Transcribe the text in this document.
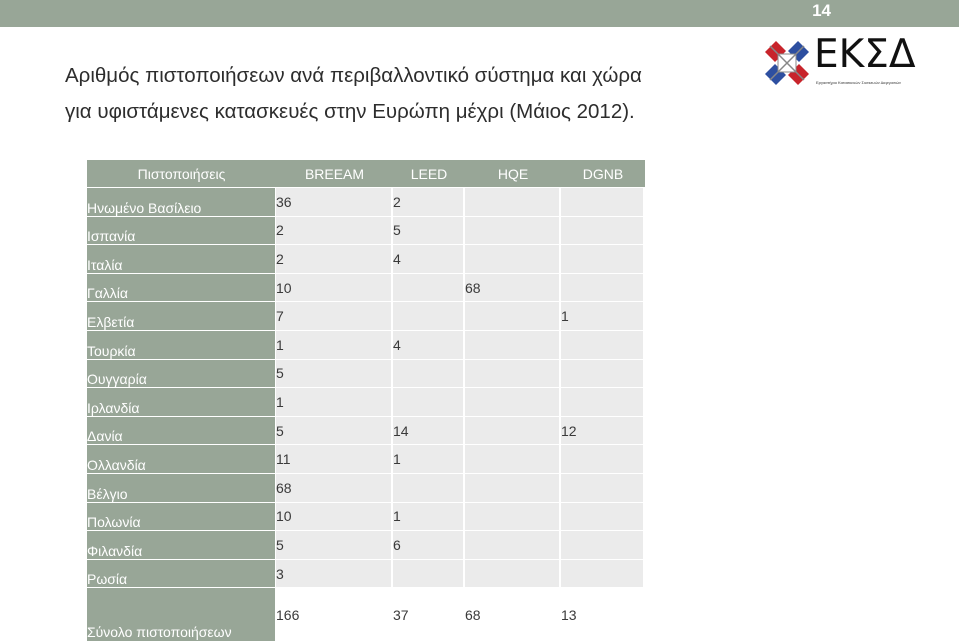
14
Αριθμός πιστοποιήσεων ανά περιβαλλοντικό σύστημα και χώρα
για υφιστάμενες κατασκευές στην Ευρώπη μέχρι (Μάιος 2012).
ΕΚΣΔ
Εργαστήριο Κατασκευών Συσκευών Διεργασιών
Πιστοποιήσεις	BREEAM	LEED	HQE	DGNB
Ηνωμένο Βασίλειο	36	2		
Ισπανία	2	5		
Ιταλία	2	4		
Γαλλία	10		68	
Ελβετία	7			1
Τουρκία	1	4		
Ουγγαρία	5			
Ιρλανδία	1			
Δανία	5	14		12
Ολλανδία	11	1		
Βέλγιο	68			
Πολωνία	10	1		
Φιλανδία	5	6		
Ρωσία	3			
Σύνολο πιστοποιήσεων	166	37	68	13
